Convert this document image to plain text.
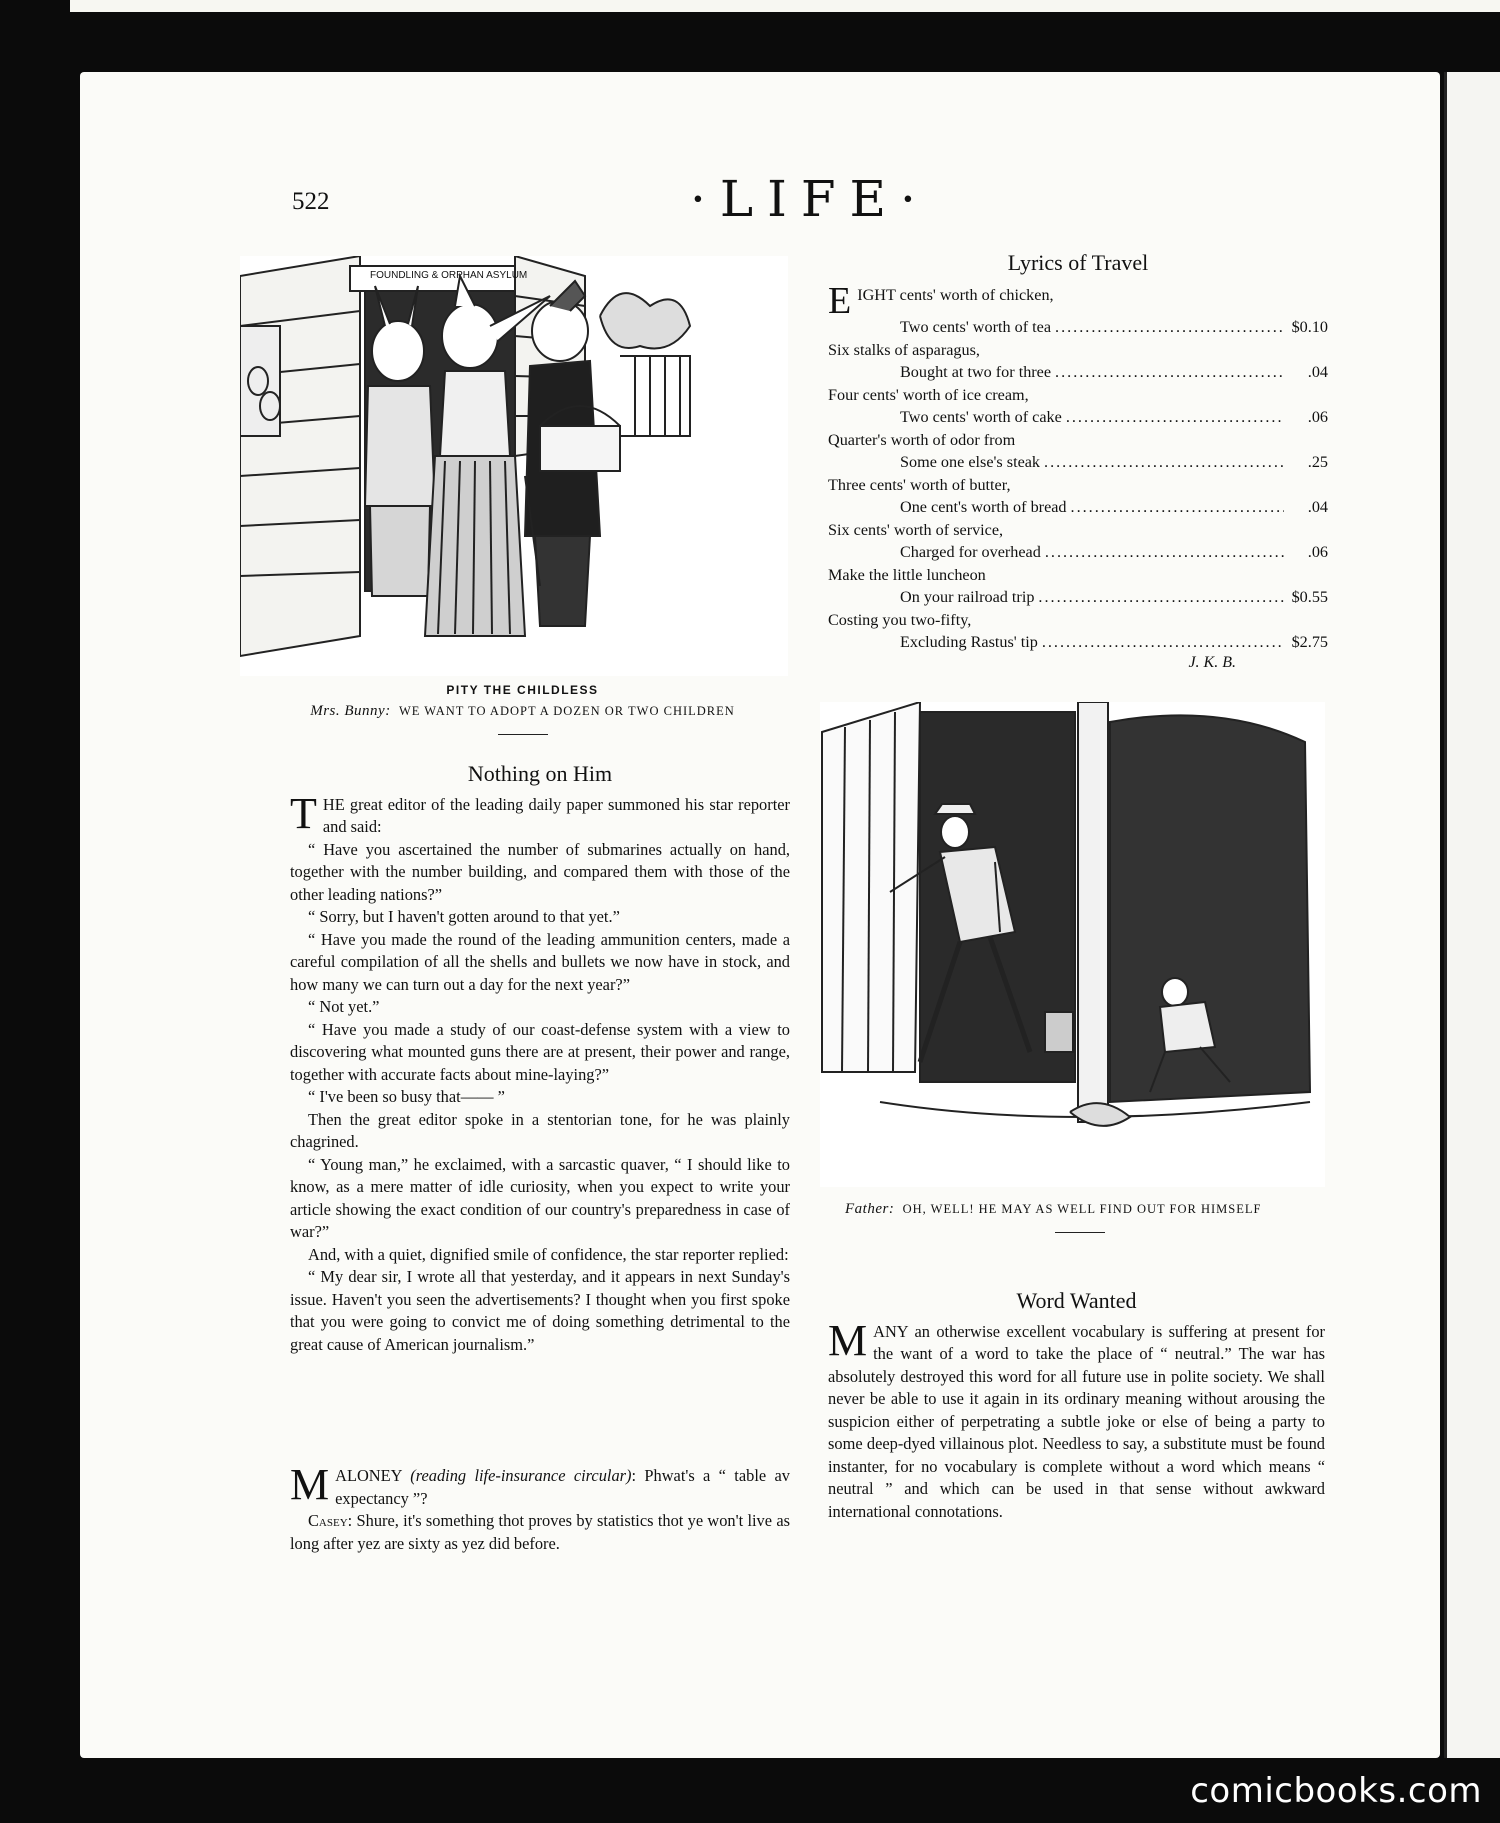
522	·LIFE·
FOUNDLING & ORPHAN ASYLUM
PITY THE CHILDLESS
Mrs. Bunny: WE WANT TO ADOPT A DOZEN OR TWO CHILDREN
Nothing on Him

THE great editor of the leading daily paper summoned his star reporter and said:

“ Have you ascertained the number of submarines actually on hand, together with the number building, and compared them with those of the other leading nations?”

“ Sorry, but I haven't gotten around to that yet.”

“ Have you made the round of the leading ammunition centers, made a careful compilation of all the shells and bullets we now have in stock, and how many we can turn out a day for the next year?”

“ Not yet.”

“ Have you made a study of our coast-defense system with a view to discovering what mounted guns there are at present, their power and range, together with accurate facts about mine-laying?”

“ I've been so busy that—— ”

Then the great editor spoke in a stentorian tone, for he was plainly chagrined.

“ Young man,” he exclaimed, with a sarcastic quaver, “ I should like to know, as a mere matter of idle curiosity, when you expect to write your article showing the exact condition of our country's preparedness in case of war?”

And, with a quiet, dignified smile of confidence, the star reporter replied:

“ My dear sir, I wrote all that yesterday, and it appears in next Sunday's issue. Haven't you seen the advertisements? I thought when you first spoke that you were going to convict me of doing something detrimental to the great cause of American journalism.”

MALONEY (reading life-insurance circular): Phwat's a “ table av expectancy ”?

Casey: Shure, it's something thot proves by statistics thot ye won't live as long after yez are sixty as yez did before.

Lyrics of Travel
E IGHT cents' worth of chicken,
Two cents' worth of tea .....	$0.10
Six stalks of asparagus,
Bought at two for three .....	.04
Four cents' worth of ice cream,
Two cents' worth of cake .....	.06
Quarter's worth of odor from
Some one else's steak .....	.25
Three cents' worth of butter,
One cent's worth of bread .....	.04
Six cents' worth of service,
Charged for overhead .....	.06
Make the little luncheon
On your railroad trip .....	$0.55
Costing you two-fifty,
Excluding Rastus' tip .....	$2.75
J. K. B.
Father: OH, WELL! HE MAY AS WELL FIND OUT FOR HIMSELF
Word Wanted

MANY an otherwise excellent vocabulary is suffering at present for the want of a word to take the place of “ neutral.” The war has absolutely destroyed this word for all future use in polite society. We shall never be able to use it again in its ordinary meaning without arousing the suspicion either of perpetrating a subtle joke or else of being a party to some deep-dyed villainous plot. Needless to say, a substitute must be found instanter, for no vocabulary is complete without a word which means “ neutral ” and which can be used in that sense without awkward international connotations.

comicbooks.com
